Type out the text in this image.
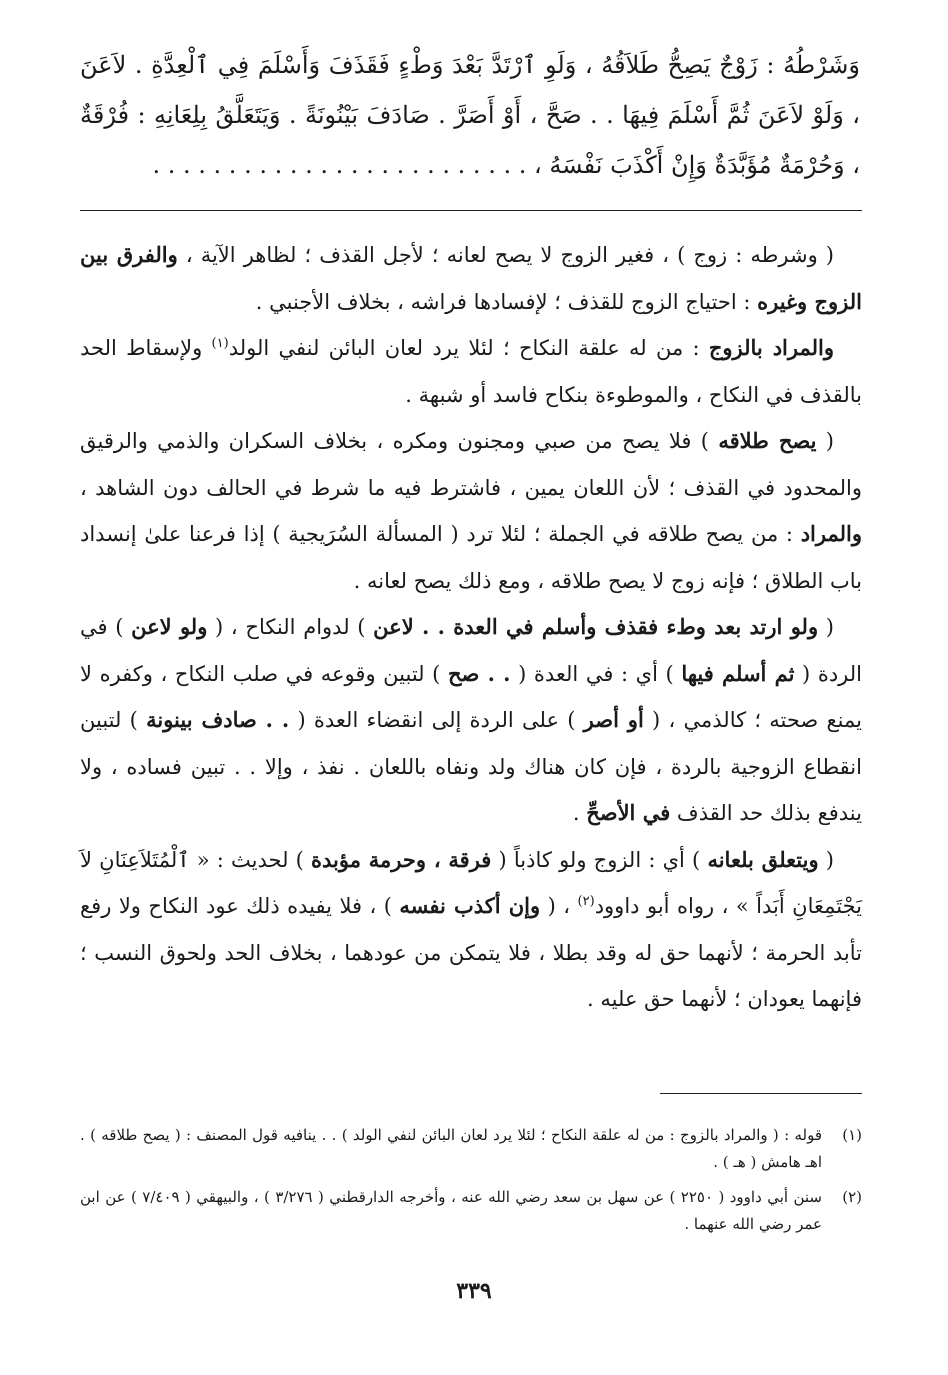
وَشَرْطُهُ : زَوْجٌ يَصِحُّ طَلاَقُهُ ، وَلَوِ ٱرْتَدَّ بَعْدَ وَطْءٍ فَقَذَفَ وَأَسْلَمَ فِي ٱلْعِدَّةِ . لاَعَنَ ، وَلَوْ لاَعَنَ ثُمَّ أَسْلَمَ فِيهَا . . صَحَّ ، أَوْ أَصَرَّ . صَادَفَ بَيْنُونَةً . وَيَتَعَلَّقُ بِلِعَانِهِ : فُرْقَةٌ ، وَحُرْمَةٌ مُؤَبَّدَةٌ وَإِنْ أَكْذَبَ نَفْسَهُ ، . . . . . . . . . . . . . . . . . . . . . . . . .

( وشرطه : زوج ) ، فغير الزوج لا يصح لعانه ؛ لأجل القذف ؛ لظاهر الآية ، والفرق بين الزوج وغيره : احتياج الزوج للقذف ؛ لإفسادها فراشه ، بخلاف الأجنبي .

والمراد بالزوج : من له علقة النكاح ؛ لئلا يرد لعان البائن لنفي الولد$^{(١)}$ ولإسقاط الحد بالقذف في النكاح ، والموطوءة بنكاح فاسد أو شبهة .

( يصح طلاقه ) فلا يصح من صبي ومجنون ومكره ، بخلاف السكران والذمي والرقيق والمحدود في القذف ؛ لأن اللعان يمين ، فاشترط فيه ما شرط في الحالف دون الشاهد ، والمراد : من يصح طلاقه في الجملة ؛ لئلا ترد ( المسألة السُرَيجية ) إذا فرعنا علىٰ إنسداد باب الطلاق ؛ فإنه زوج لا يصح طلاقه ، ومع ذلك يصح لعانه .

( ولو ارتد بعد وطء فقذف وأسلم في العدة . . لاعن ) لدوام النكاح ، ( ولو لاعن ) في الردة ( ثم أسلم فيها ) أي : في العدة ( . . صح ) لتبين وقوعه في صلب النكاح ، وكفره لا يمنع صحته ؛ كالذمي ، ( أو أصر ) على الردة إلى انقضاء العدة ( . . صادف بينونة ) لتبين انقطاع الزوجية بالردة ، فإن كان هناك ولد ونفاه باللعان . نفذ ، وإلا . . تبين فساده ، ولا يندفع بذلك حد القذف في الأصحِّ .

( ويتعلق بلعانه ) أي : الزوج ولو كاذباً ( فرقة ، وحرمة مؤبدة ) لحديث : « ٱلْمُتَلاَعِنَانِ لاَ يَجْتَمِعَانِ أَبَداً » ، رواه أبو داوود$^{(٢)}$ ، ( وإن أكذب نفسه ) ، فلا يفيده ذلك عود النكاح ولا رفع تأبد الحرمة ؛ لأنهما حق له وقد بطلا ، فلا يتمكن من عودهما ، بخلاف الحد ولحوق النسب ؛ فإنهما يعودان ؛ لأنهما حق عليه .

(١)
قوله : ( والمراد بالزوج : من له علقة النكاح ؛ لئلا يرد لعان البائن لنفي الولد ) . . ينافيه قول المصنف : ( يصح طلاقه ) . اهـ هامش ( هـ ) .
(٢)
سنن أبي داوود ( ٢٢٥٠ ) عن سهل بن سعد رضي الله عنه ، وأخرجه الدارقطني ( ٣/٢٧٦ ) ، والبيهقي ( ٧/٤٠٩ ) عن ابن عمر رضي الله عنهما .
٣٣٩
